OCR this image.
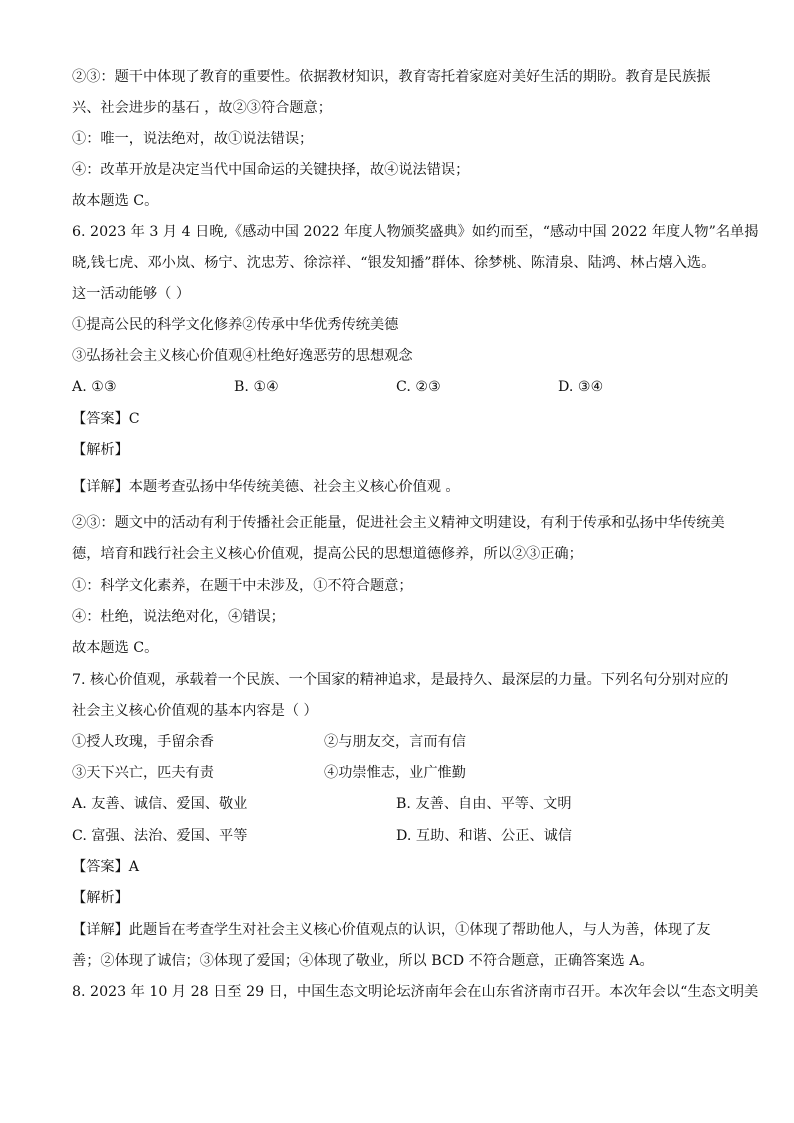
②③：题干中体现了教育的重要性。依据教材知识，教育寄托着家庭对美好生活的期盼。教育是民族振
兴、社会进步的基石 ，故②③符合题意；
①：唯一，说法绝对，故①说法错误；
④：改革开放是决定当代中国命运的关键抉择，故④说法错误；
故本题选 C。
6. 2023 年 3 月 4 日晚,《感动中国 2022 年度人物颁奖盛典》如约而至，“感动中国 2022 年度人物”名单揭
晓,钱七虎、邓小岚、杨宁、沈忠芳、徐淙祥、“银发知播”群体、徐梦桃、陈清泉、陆鸿、林占熺入选。
这一活动能够（ ）
①提高公民的科学文化修养②传承中华优秀传统美德
③弘扬社会主义核心价值观④杜绝好逸恶劳的思想观念
A. ①③	B. ①④	C. ②③	D. ③④
【答案】C
【解析】
【详解】本题考查弘扬中华传统美德、社会主义核心价值观 。
②③：题文中的活动有利于传播社会正能量，促进社会主义精神文明建设，有利于传承和弘扬中华传统美
德，培育和践行社会主义核心价值观，提高公民的思想道德修养，所以②③正确；
①：科学文化素养，在题干中未涉及，①不符合题意；
④：杜绝，说法绝对化，④错误；
故本题选 C。
7. 核心价值观，承载着一个民族、一个国家的精神追求，是最持久、最深层的力量。下列名句分别对应的
社会主义核心价值观的基本内容是（ ）
①授人玫瑰，手留余香	②与朋友交，言而有信
③天下兴亡，匹夫有责	④功崇惟志，业广惟勤
A. 友善、诚信、爱国、敬业	B. 友善、自由、平等、文明
C. 富强、法治、爱国、平等	D. 互助、和谐、公正、诚信
【答案】A
【解析】
【详解】此题旨在考查学生对社会主义核心价值观点的认识，①体现了帮助他人，与人为善，体现了友
善；②体现了诚信；③体现了爱国；④体现了敬业，所以 BCD 不符合题意，正确答案选 A。
8. 2023 年 10 月 28 日至 29 日，中国生态文明论坛济南年会在山东省济南市召开。本次年会以“生态文明美
